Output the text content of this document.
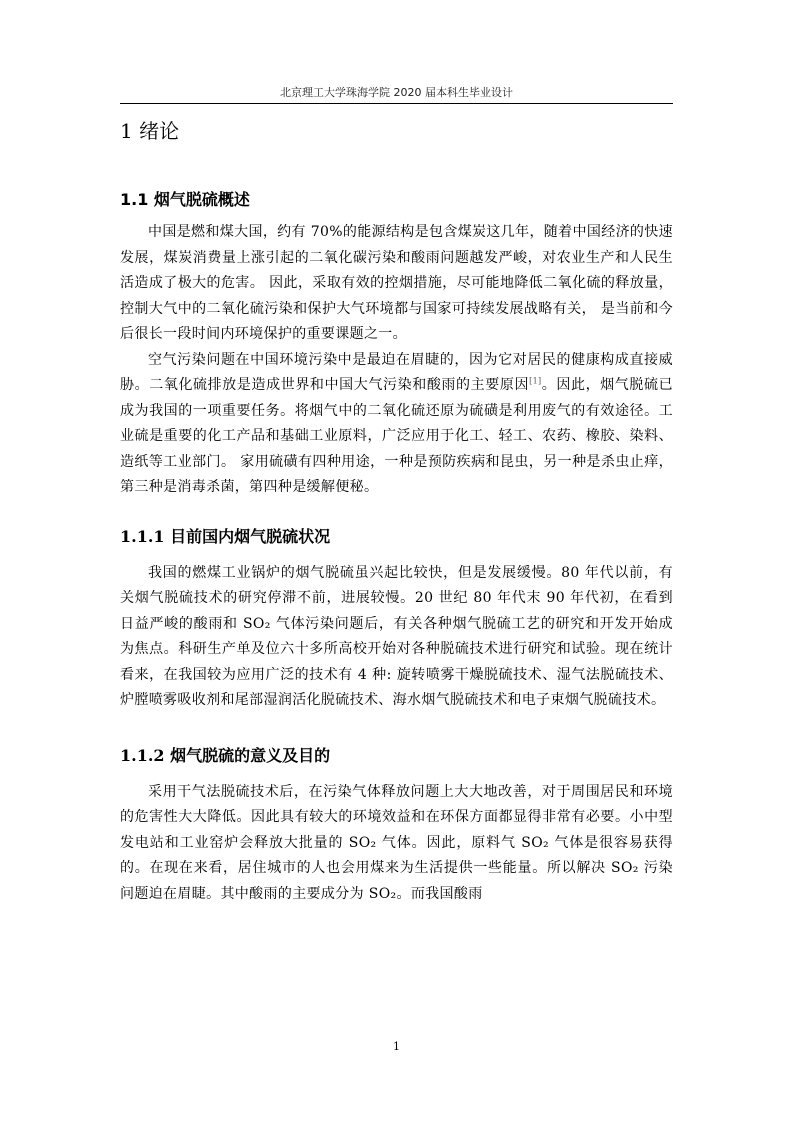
北京理工大学珠海学院 2020 届本科生毕业设计
1 绪论
1.1 烟气脱硫概述

中国是燃和煤大国，约有 70%的能源结构是包含煤炭这几年，随着中国经济的快速发展，煤炭消费量上涨引起的二氧化碳污染和酸雨问题越发严峻，对农业生产和人民生活造成了极大的危害。 因此，采取有效的控烟措施，尽可能地降低二氧化硫的释放量，控制大气中的二氧化硫污染和保护大气环境都与国家可持续发展战略有关， 是当前和今后很长一段时间内环境保护的重要课题之一。

空气污染问题在中国环境污染中是最迫在眉睫的，因为它对居民的健康构成直接威胁。二氧化硫排放是造成世界和中国大气污染和酸雨的主要原因[1]。因此，烟气脱硫已成为我国的一项重要任务。将烟气中的二氧化硫还原为硫磺是利用废气的有效途径。工业硫是重要的化工产品和基础工业原料，广泛应用于化工、轻工、农药、橡胶、染料、造纸等工业部门。 家用硫磺有四种用途，一种是预防疾病和昆虫，另一种是杀虫止痒，第三种是消毒杀菌，第四种是缓解便秘。

1.1.1 目前国内烟气脱硫状况

我国的燃煤工业锅炉的烟气脱硫虽兴起比较快，但是发展缓慢。80 年代以前，有关烟气脱硫技术的研究停滞不前，进展较慢。20 世纪 80 年代末 90 年代初，在看到日益严峻的酸雨和 SO₂ 气体污染问题后，有关各种烟气脱硫工艺的研究和开发开始成为焦点。科研生产单及位六十多所高校开始对各种脱硫技术进行研究和试验。现在统计看来，在我国较为应用广泛的技术有 4 种: 旋转喷雾干燥脱硫技术、湿气法脱硫技术、炉膛喷雾吸收剂和尾部湿润活化脱硫技术、海水烟气脱硫技术和电子束烟气脱硫技术。

1.1.2 烟气脱硫的意义及目的

采用干气法脱硫技术后，在污染气体释放问题上大大地改善，对于周围居民和环境的危害性大大降低。因此具有较大的环境效益和在环保方面都显得非常有必要。小中型发电站和工业窑炉会释放大批量的 SO₂ 气体。因此，原料气 SO₂ 气体是很容易获得的。在现在来看，居住城市的人也会用煤来为生活提供一些能量。所以解决 SO₂ 污染问题迫在眉睫。其中酸雨的主要成分为 SO₂。而我国酸雨

1
